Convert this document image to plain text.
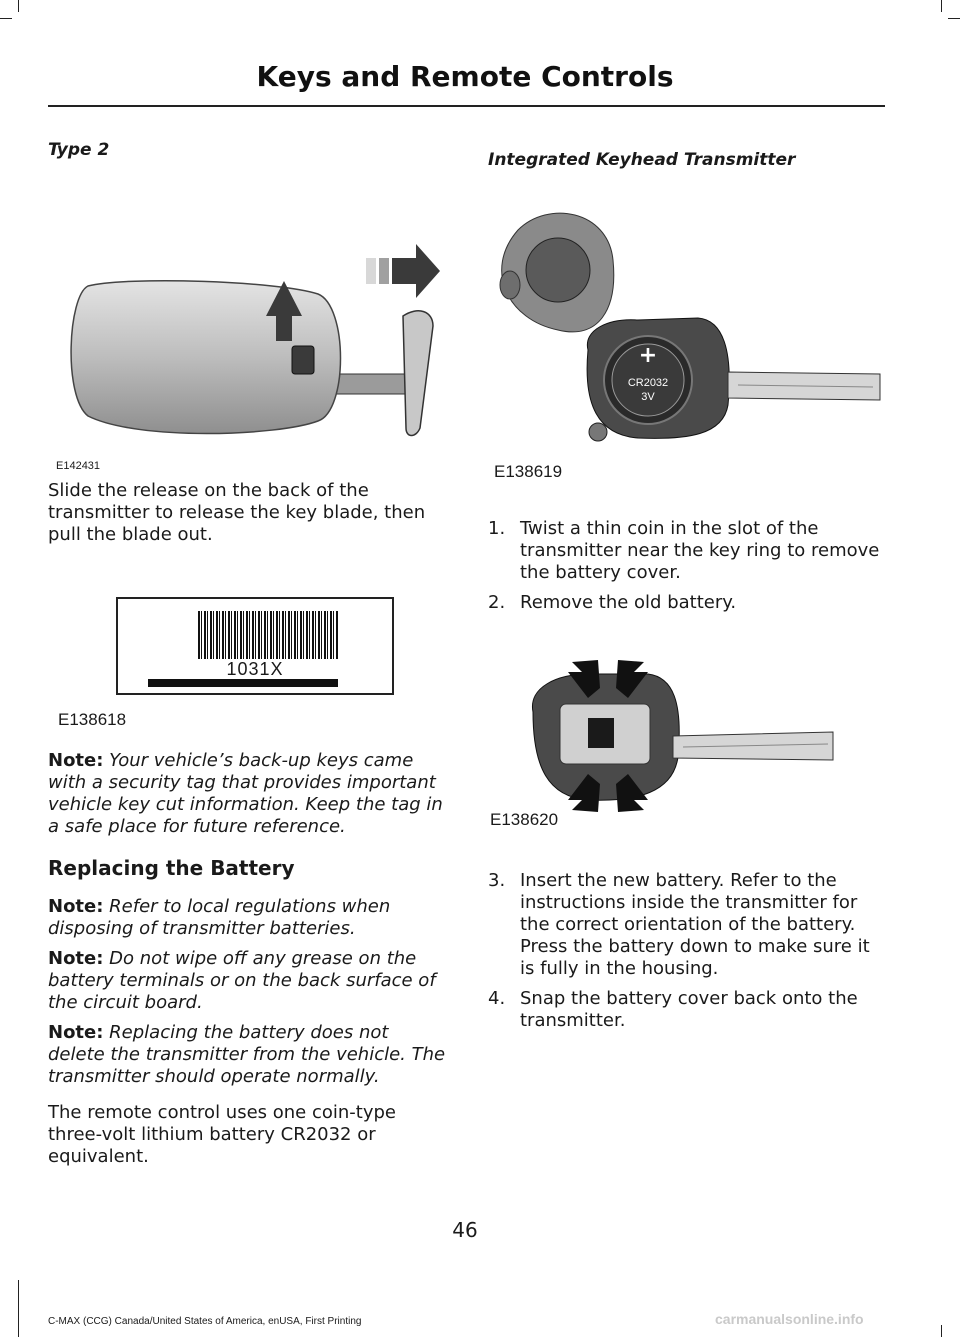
Keys and Remote Controls

Type 2

E142431

Slide the release on the back of the transmitter to release the key blade, then pull the blade out.

1031X
E138618

Note: Your vehicle’s back-up keys came with a security tag that provides important vehicle key cut information. Keep the tag in a safe place for future reference.

Replacing the Battery

Note: Refer to local regulations when disposing of transmitter batteries.

Note: Do not wipe off any grease on the battery terminals or on the back surface of the circuit board.

Note: Replacing the battery does not delete the transmitter from the vehicle. The transmitter should operate normally.

The remote control uses one coin-type three-volt lithium battery CR2032 or equivalent.

Integrated Keyhead Transmitter

+
CR2032
3V
E138619
1. Twist a thin coin in the slot of the transmitter near the key ring to remove the battery cover.
2. Remove the old battery.
E138620
3. Insert the new battery. Refer to the instructions inside the transmitter for the correct orientation of the battery. Press the battery down to make sure it is fully in the housing.
4. Snap the battery cover back onto the transmitter.
46
C-MAX (CCG) Canada/United States of America, enUSA, First Printing	carmanualsonline.info
